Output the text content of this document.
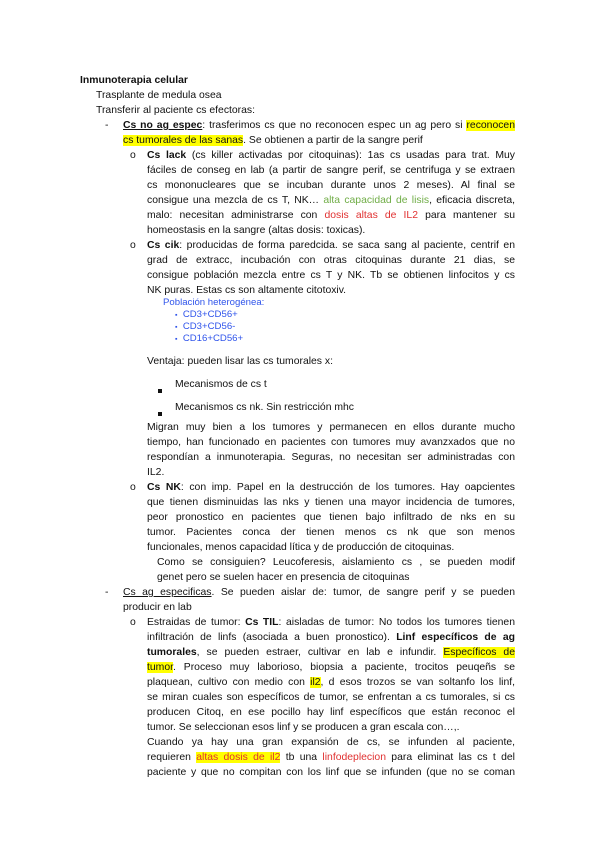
Inmunoterapia celular
Trasplante de medula osea
Transferir al paciente cs efectoras:
- Cs no ag espec: trasferimos cs que no reconocen espec un ag pero si reconocen
cs tumorales de las sanas. Se obtienen a partir de la sangre perif
o Cs lack (cs killer activadas por citoquinas): 1as cs usadas para trat. Muy
fáciles de conseg en lab (a partir de sangre perif, se centrifuga y se extraen
cs mononucleares que se incuban durante unos 2 meses). Al final se
consigue una mezcla de cs T, NK… alta capacidad de lisis, eficacia discreta,
malo: necesitan administrarse con dosis altas de IL2 para mantener su
homeostasis en la sangre (altas dosis: toxicas).
o Cs cik: producidas de forma paredcida. se saca sang al paciente, centrif en
grad de extracc, incubación con otras citoquinas durante 21 dias, se
consigue población mezcla entre cs T y NK. Tb se obtienen linfocitos y cs
NK puras. Estas cs son altamente citotoxiv.
Población heterogénea:
▪ CD3+CD56+
▪ CD3+CD56-
▪ CD16+CD56+
Ventaja: pueden lisar las cs tumorales x:
Mecanismos de cs t
Mecanismos cs nk. Sin restricción mhc
Migran muy bien a los tumores y permanecen en ellos durante mucho
tiempo, han funcionado en pacientes con tumores muy avanzxados que no
respondían a inmunoterapia. Seguras, no necesitan ser administradas con
IL2.
o Cs NK: con imp. Papel en la destrucción de los tumores. Hay oapcientes
que tienen disminuidas las nks y tienen una mayor incidencia de tumores,
peor pronostico en pacientes que tienen bajo infiltrado de nks en su
tumor. Pacientes conca der tienen menos cs nk que son menos
funcionales, menos capacidad lítica y de producción de citoquinas.
Como se consiguien? Leucoferesis, aislamiento cs , se pueden modif
genet pero se suelen hacer en presencia de citoquinas
- Cs ag especificas. Se pueden aislar de: tumor, de sangre perif y se pueden
producir en lab
o Estraidas de tumor: Cs TIL: aisladas de tumor: No todos los tumores tienen
infiltración de linfs (asociada a buen pronostico). Linf específicos de ag
tumorales, se pueden estraer, cultivar en lab e infundir. Específicos de
tumor. Proceso muy laborioso, biopsia a paciente, trocitos peuqeñs se
plaquean, cultivo con medio con il2, d esos trozos se van soltanfo los linf,
se miran cuales son específicos de tumor, se enfrentan a cs tumorales, si cs
producen Citoq, en ese pocillo hay linf específicos que están reconoc el
tumor. Se seleccionan esos linf y se producen a gran escala con…,.
Cuando ya hay una gran expansión de cs, se infunden al paciente,
requieren altas dosis de il2 tb una linfodeplecion para eliminat las cs t del
paciente y que no compitan con los linf que se infunden (que no se coman
